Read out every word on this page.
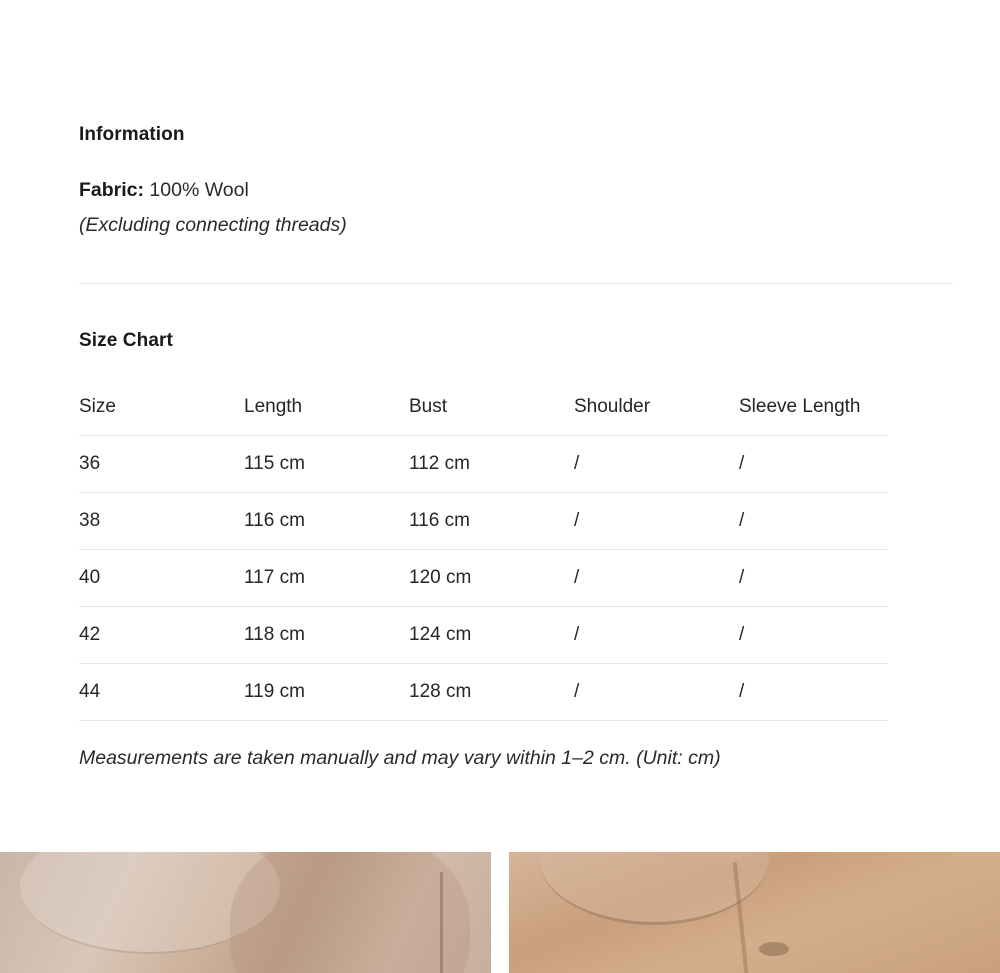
Information
Fabric: 100% Wool
(Excluding connecting threads)
Size Chart
Size	Length	Bust	Shoulder	Sleeve Length
36	115 cm	112 cm	/	/
38	116 cm	116 cm	/	/
40	117 cm	120 cm	/	/
42	118 cm	124 cm	/	/
44	119 cm	128 cm	/	/
Measurements are taken manually and may vary within 1–2 cm. (Unit: cm)
